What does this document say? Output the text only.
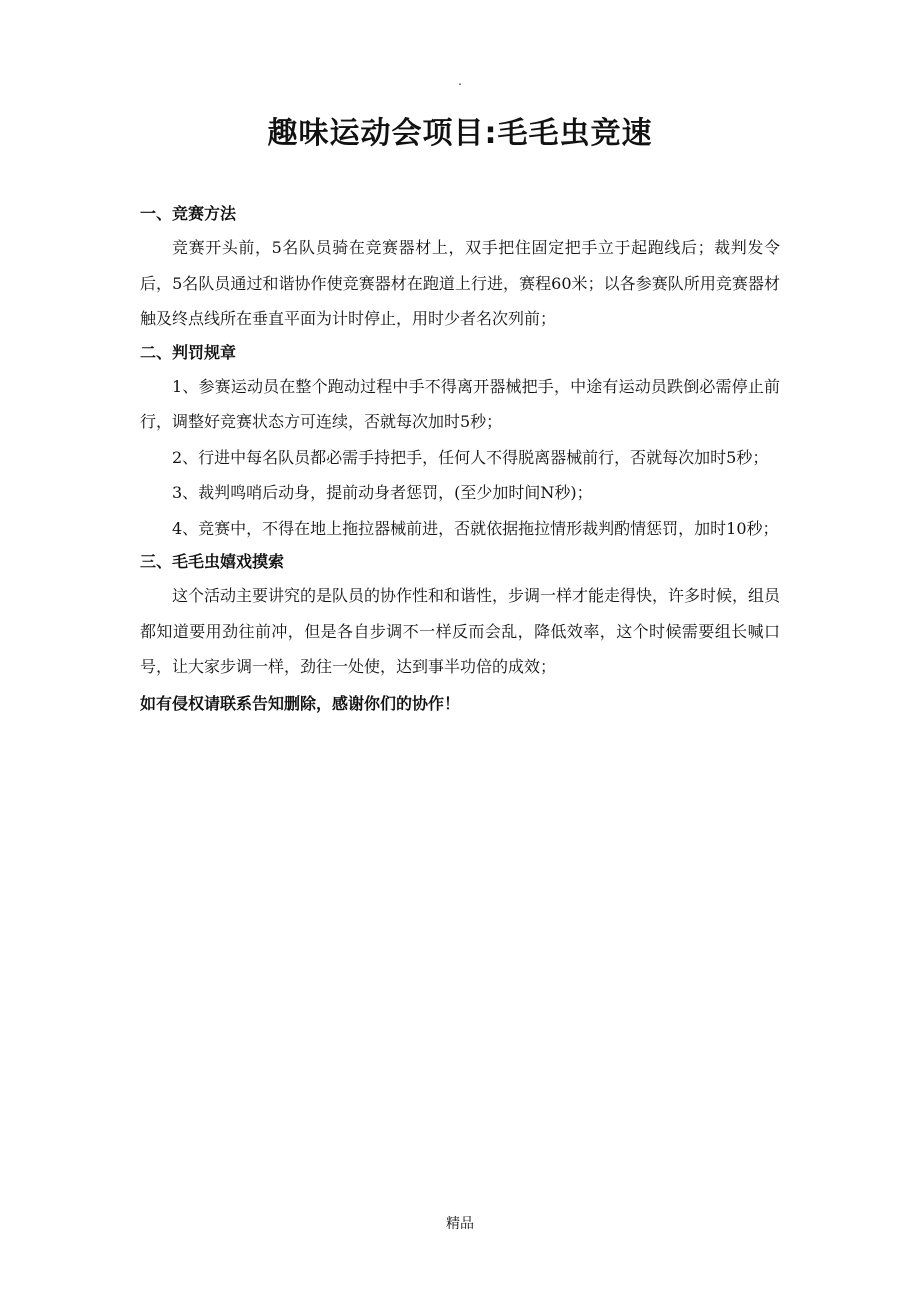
.
趣味运动会项目:毛毛虫竞速

一、竞赛方法

竞赛开头前，5名队员骑在竞赛器材上，双手把住固定把手立于起跑线后；裁判发令后，5名队员通过和谐协作使竞赛器材在跑道上行进，赛程60米；以各参赛队所用竞赛器材触及终点线所在垂直平面为计时停止，用时少者名次列前；

二、判罚规章

1、参赛运动员在整个跑动过程中手不得离开器械把手，中途有运动员跌倒必需停止前行，调整好竞赛状态方可连续，否就每次加时5秒；

2、行进中每名队员都必需手持把手，任何人不得脱离器械前行，否就每次加时5秒；

3、裁判鸣哨后动身，提前动身者惩罚，(至少加时间N秒)；

4、竞赛中，不得在地上拖拉器械前进，否就依据拖拉情形裁判酌情惩罚，加时10秒；

三、毛毛虫嬉戏摸索

这个活动主要讲究的是队员的协作性和和谐性，步调一样才能走得快，许多时候，组员都知道要用劲往前冲，但是各自步调不一样反而会乱，降低效率，这个时候需要组长喊口号，让大家步调一样，劲往一处使，达到事半功倍的成效；

如有侵权请联系告知删除，感谢你们的协作！

精品
